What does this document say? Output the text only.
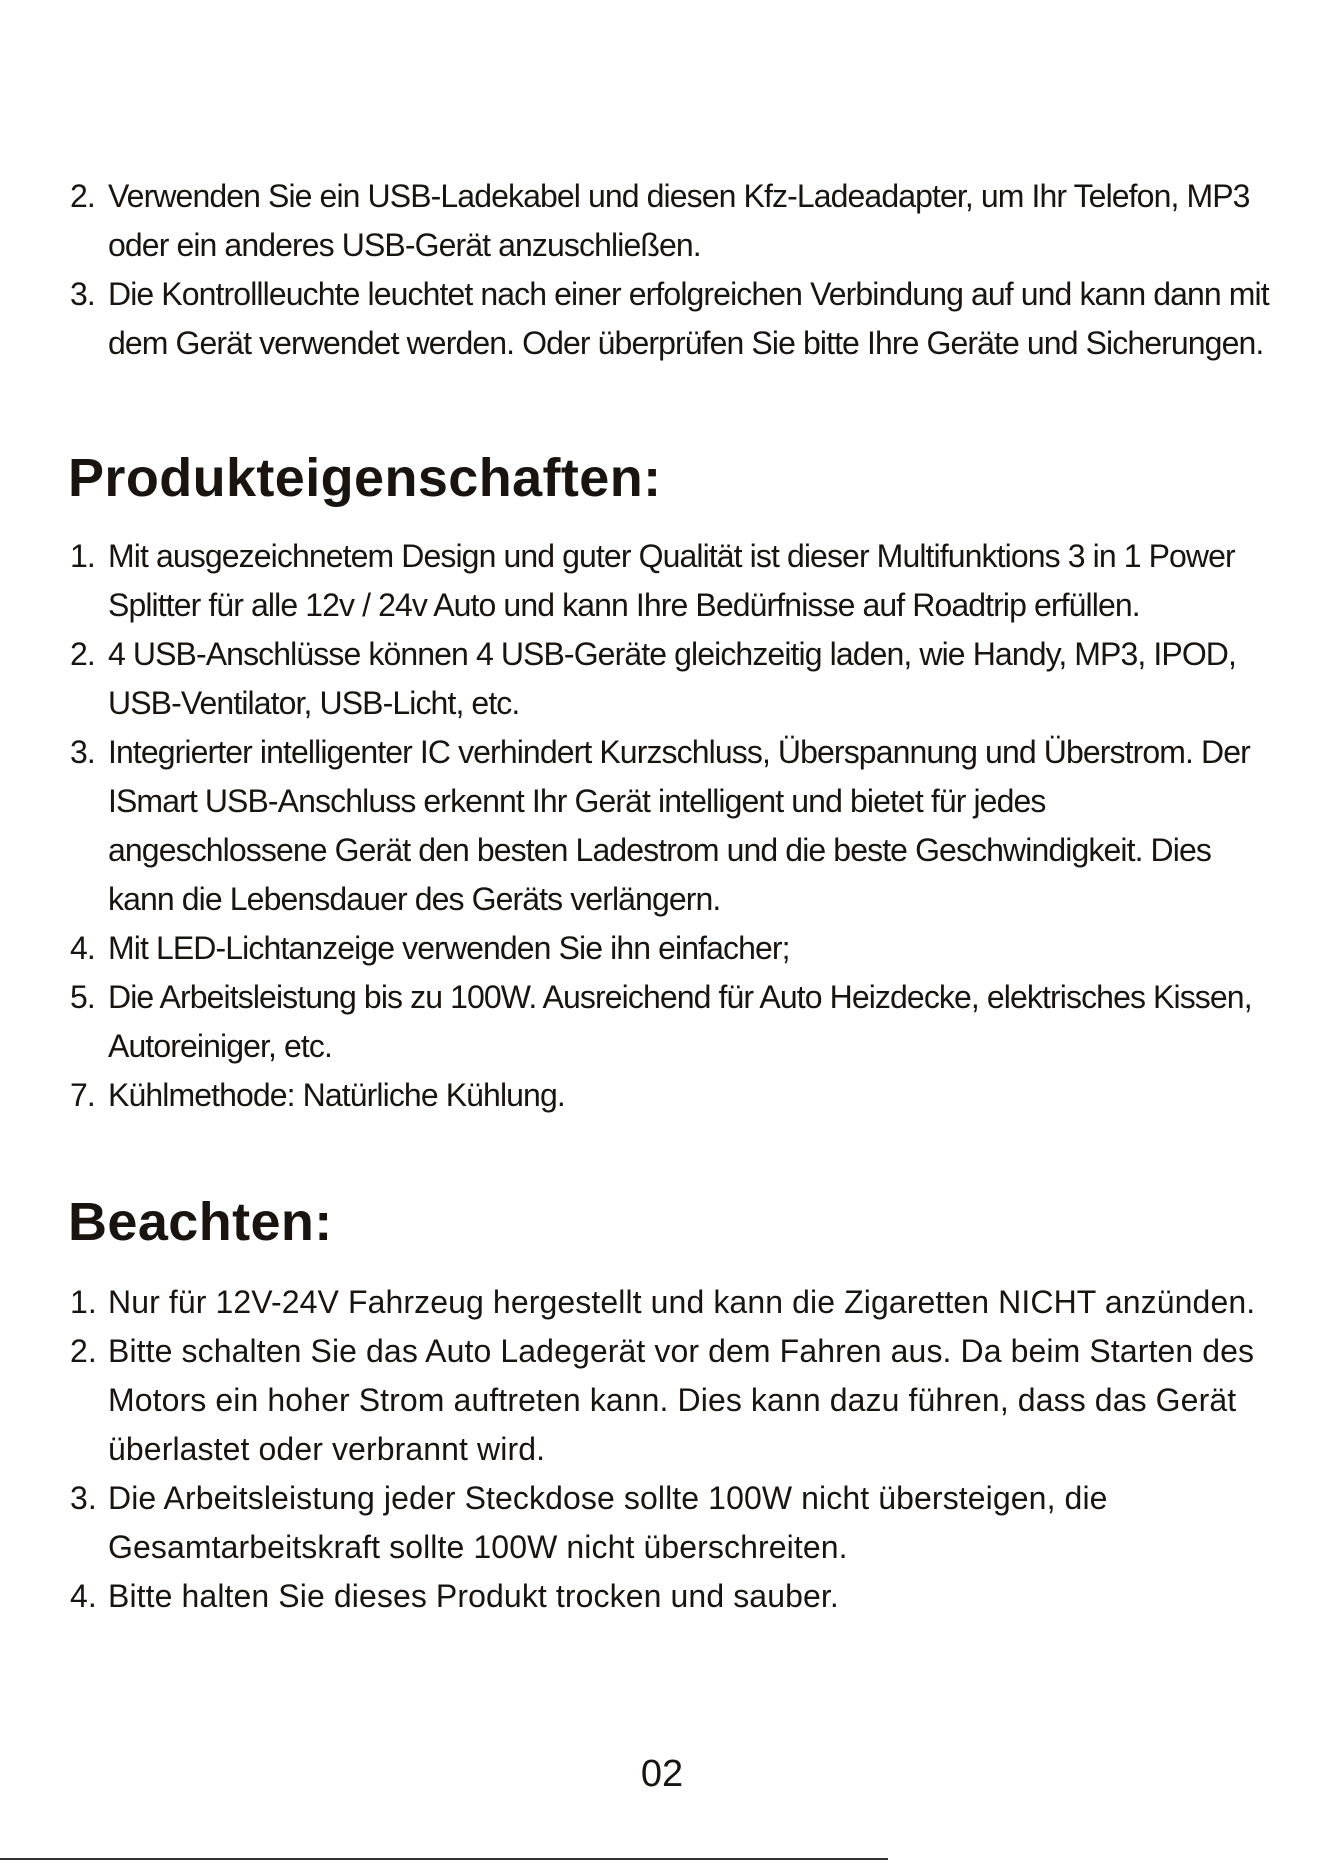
2. Verwenden Sie ein USB-Ladekabel und diesen Kfz-Ladeadapter, um Ihr Telefon, MP3 oder ein anderes USB-Gerät anzuschließen.
3. Die Kontrollleuchte leuchtet nach einer erfolgreichen Verbindung auf und kann dann mit dem Gerät verwendet werden. Oder überprüfen Sie bitte Ihre Geräte und Sicherungen.
Produkteigenschaften:
1. Mit ausgezeichnetem Design und guter Qualität ist dieser Multifunktions 3 in 1 Power Splitter für alle 12v / 24v Auto und kann Ihre Bedürfnisse auf Roadtrip erfüllen.
2. 4 USB-Anschlüsse können 4 USB-Geräte gleichzeitig laden, wie Handy, MP3, IPOD, USB-Ventilator, USB-Licht, etc.
3. Integrierter intelligenter IC verhindert Kurzschluss, Überspannung und Überstrom. Der ISmart USB-Anschluss erkennt Ihr Gerät intelligent und bietet für jedes angeschlossene Gerät den besten Ladestrom und die beste Geschwindigkeit. Dies kann die Lebensdauer des Geräts verlängern.
4. Mit LED-Lichtanzeige verwenden Sie ihn einfacher;
5. Die Arbeitsleistung bis zu 100W. Ausreichend für Auto Heizdecke, elektrisches Kissen, Autoreiniger, etc.
7. Kühlmethode: Natürliche Kühlung.
Beachten:
1. Nur für 12V-24V Fahrzeug hergestellt und kann die Zigaretten NICHT anzünden.
2. Bitte schalten Sie das Auto Ladegerät vor dem Fahren aus. Da beim Starten des Motors ein hoher Strom auftreten kann. Dies kann dazu führen, dass das Gerät überlastet oder verbrannt wird.
3. Die Arbeitsleistung jeder Steckdose sollte 100W nicht übersteigen, die Gesamtarbeitskraft sollte 100W nicht überschreiten.
4. Bitte halten Sie dieses Produkt trocken und sauber.
02
